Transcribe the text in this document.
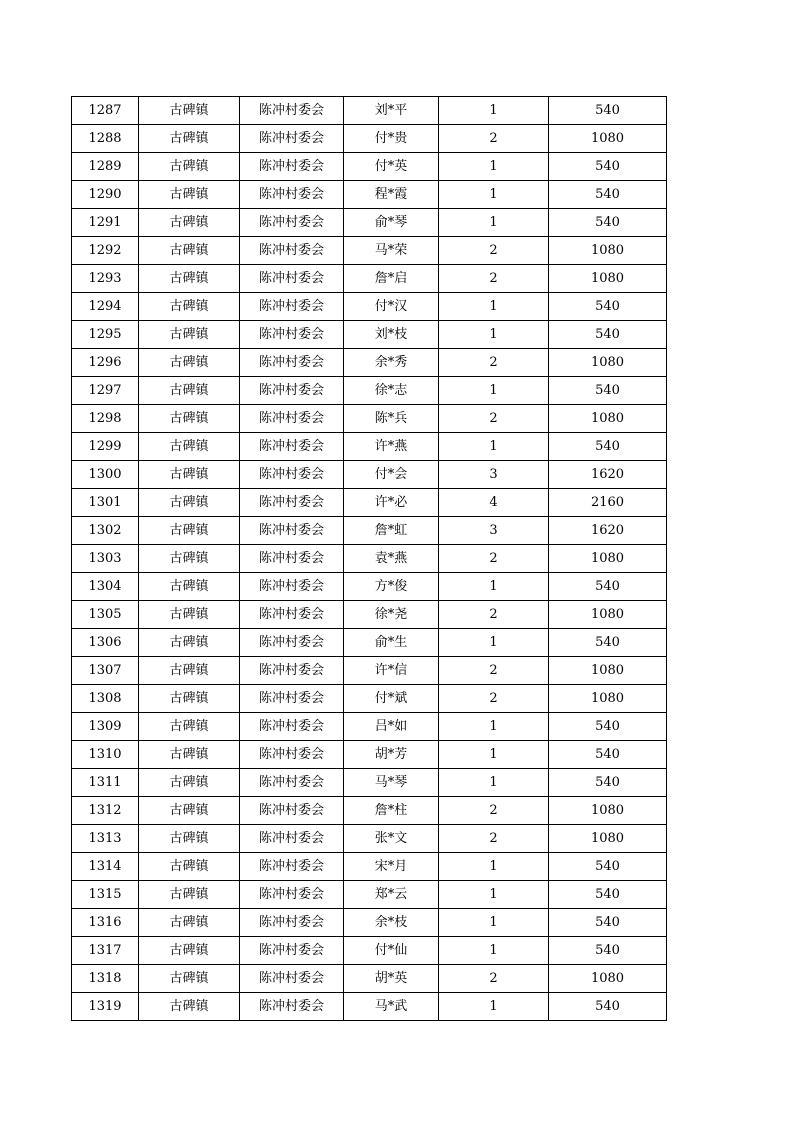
1287	古碑镇	陈冲村委会	刘*平	1	540
1288	古碑镇	陈冲村委会	付*贵	2	1080
1289	古碑镇	陈冲村委会	付*英	1	540
1290	古碑镇	陈冲村委会	程*霞	1	540
1291	古碑镇	陈冲村委会	俞*琴	1	540
1292	古碑镇	陈冲村委会	马*荣	2	1080
1293	古碑镇	陈冲村委会	詹*启	2	1080
1294	古碑镇	陈冲村委会	付*汉	1	540
1295	古碑镇	陈冲村委会	刘*枝	1	540
1296	古碑镇	陈冲村委会	余*秀	2	1080
1297	古碑镇	陈冲村委会	徐*志	1	540
1298	古碑镇	陈冲村委会	陈*兵	2	1080
1299	古碑镇	陈冲村委会	许*燕	1	540
1300	古碑镇	陈冲村委会	付*会	3	1620
1301	古碑镇	陈冲村委会	许*必	4	2160
1302	古碑镇	陈冲村委会	詹*虹	3	1620
1303	古碑镇	陈冲村委会	袁*燕	2	1080
1304	古碑镇	陈冲村委会	方*俊	1	540
1305	古碑镇	陈冲村委会	徐*尧	2	1080
1306	古碑镇	陈冲村委会	俞*生	1	540
1307	古碑镇	陈冲村委会	许*信	2	1080
1308	古碑镇	陈冲村委会	付*斌	2	1080
1309	古碑镇	陈冲村委会	吕*如	1	540
1310	古碑镇	陈冲村委会	胡*芳	1	540
1311	古碑镇	陈冲村委会	马*琴	1	540
1312	古碑镇	陈冲村委会	詹*柱	2	1080
1313	古碑镇	陈冲村委会	张*文	2	1080
1314	古碑镇	陈冲村委会	宋*月	1	540
1315	古碑镇	陈冲村委会	郑*云	1	540
1316	古碑镇	陈冲村委会	余*枝	1	540
1317	古碑镇	陈冲村委会	付*仙	1	540
1318	古碑镇	陈冲村委会	胡*英	2	1080
1319	古碑镇	陈冲村委会	马*武	1	540
